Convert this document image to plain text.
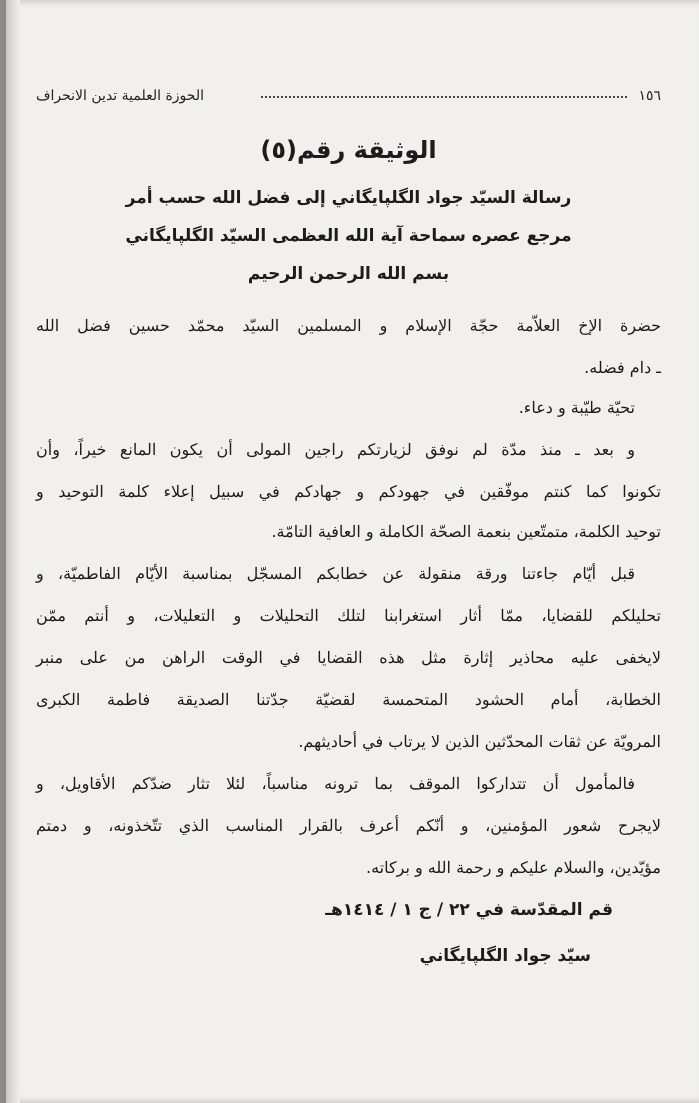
١٥٦
الحوزة العلمية تدين الانحراف
الوثيقة رقم(٥)
رسالة السيّد جواد الگلپايگاني إلى فضل الله حسب أمر
مرجع عصره سماحة آية الله العظمى السيّد الگلپايگاني
بسم الله الرحمن الرحيم
حضرة الإخ العلاّمة حجّة الإسلام و المسلمين السيّد محمّد حسين فضل الله
ـ دام فضله.
تحيّة طيّبة و دعاء.
و بعد ـ منذ مدّة لم نوفق لزيارتكم راجين المولى أن يكون المانع خيراً، وأن
تكونوا كما كنتم موفّقين في جهودكم و جهادكم في سبيل إعلاء كلمة التوحيد و
توحيد الكلمة، متمتّعين بنعمة الصحّة الكاملة و العافية التامّة.
قبل أيّام جاءتنا ورقة منقولة عن خطابكم المسجّل بمناسبة الأيّام الفاطميّة، و
تحليلكم للقضايا، ممّا أثار استغرابنا لتلك التحليلات و التعليلات، و أنتم ممّن
لايخفى عليه محاذير إثارة مثل هذه القضايا في الوقت الراهن من على منبر
الخطابة، أمام الحشود المتحمسة لقضيّة جدّتنا الصديقة فاطمة الكبرى
المرويّة عن ثقات المحدّثين الذين لا يرتاب في أحاديثهم.
فالمأمول أن تتداركوا الموقف بما ترونه مناسباً، لئلا تثار ضدّكم الأقاويل، و
لايجرح شعور المؤمنين، و أنّكم أعرف بالقرار المناسب الذي تتّخذونه، و دمتم
مؤيّدين، والسلام عليكم و رحمة الله و بركاته.
قم المقدّسة في ٢٢ / ج ١ / ١٤١٤هـ
سيّد جواد الگلپايگاني
